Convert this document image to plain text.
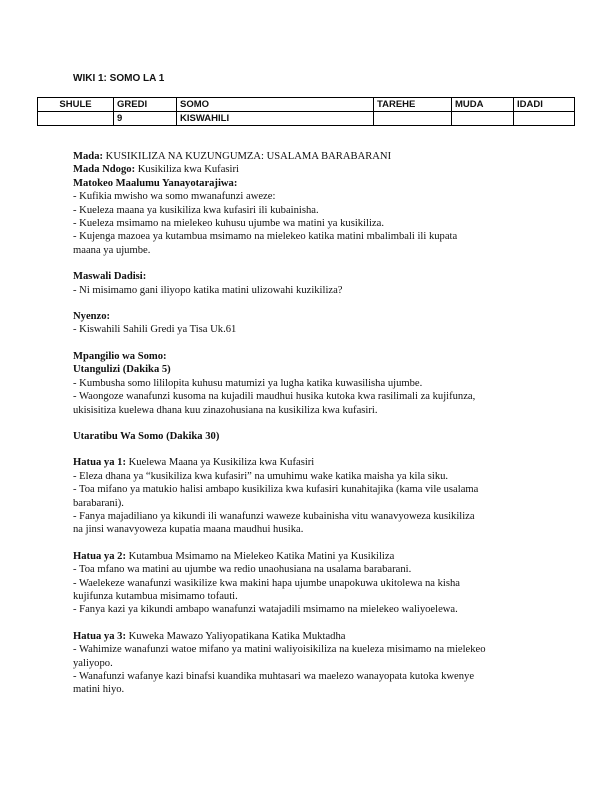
WIKI 1: SOMO LA 1
SHULE	GREDI	SOMO	TAREHE	MUDA	IDADI
	9	KISWAHILI			

Mada: KUSIKILIZA NA KUZUNGUMZA: USALAMA BARABARANI

Mada Ndogo: Kusikiliza kwa Kufasiri

Matokeo Maalumu Yanayotarajiwa:

- Kufikia mwisho wa somo mwanafunzi aweze:

- Kueleza maana ya kusikiliza kwa kufasiri ili kubainisha.

- Kueleza msimamo na mielekeo kuhusu ujumbe wa matini ya kusikiliza.

- Kujenga mazoea ya kutambua msimamo na mielekeo katika matini mbalimbali ili kupata

maana ya ujumbe.

Maswali Dadisi:

- Ni misimamo gani iliyopo katika matini ulizowahi kuzikiliza?

Nyenzo:

- Kiswahili Sahili Gredi ya Tisa Uk.61

Mpangilio wa Somo:

Utangulizi (Dakika 5)

- Kumbusha somo lililopita kuhusu matumizi ya lugha katika kuwasilisha ujumbe.

- Waongoze wanafunzi kusoma na kujadili maudhui husika kutoka kwa rasilimali za kujifunza,

ukisisitiza kuelewa dhana kuu zinazohusiana na kusikiliza kwa kufasiri.

Utaratibu Wa Somo (Dakika 30)

Hatua ya 1: Kuelewa Maana ya Kusikiliza kwa Kufasiri

- Eleza dhana ya “kusikiliza kwa kufasiri” na umuhimu wake katika maisha ya kila siku.

- Toa mifano ya matukio halisi ambapo kusikiliza kwa kufasiri kunahitajika (kama vile usalama

barabarani).

- Fanya majadiliano ya kikundi ili wanafunzi waweze kubainisha vitu wanavyoweza kusikiliza

na jinsi wanavyoweza kupatia maana maudhui husika.

Hatua ya 2: Kutambua Msimamo na Mielekeo Katika Matini ya Kusikiliza

- Toa mfano wa matini au ujumbe wa redio unaohusiana na usalama barabarani.

- Waelekeze wanafunzi wasikilize kwa makini hapa ujumbe unapokuwa ukitolewa na kisha

kujifunza kutambua misimamo tofauti.

- Fanya kazi ya kikundi ambapo wanafunzi watajadili msimamo na mielekeo waliyoelewa.

Hatua ya 3: Kuweka Mawazo Yaliyopatikana Katika Muktadha

- Wahimize wanafunzi watoe mifano ya matini waliyoisikiliza na kueleza misimamo na mielekeo

yaliyopo.

- Wanafunzi wafanye kazi binafsi kuandika muhtasari wa maelezo wanayopata kutoka kwenye

matini hiyo.
